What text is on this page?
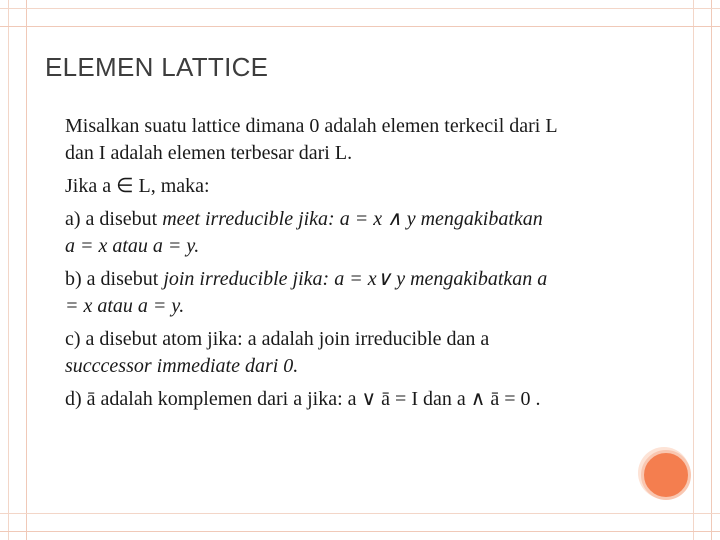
ELEMEN LATTICE

Misalkan suatu lattice dimana 0 adalah elemen terkecil dari L
dan I adalah elemen terbesar dari L.

Jika a ∈ L, maka:

a) a disebut meet irreducible jika: a = x ∧ y mengakibatkan
a = x atau a = y.

b) a disebut join irreducible jika: a = x∨ y mengakibatkan a
= x atau a = y.

c) a disebut atom jika: a adalah join irreducible dan a
succcessor immediate dari 0.

d) ā adalah komplemen dari a jika: a ∨ ā = I dan a ∧ ā = 0 .
